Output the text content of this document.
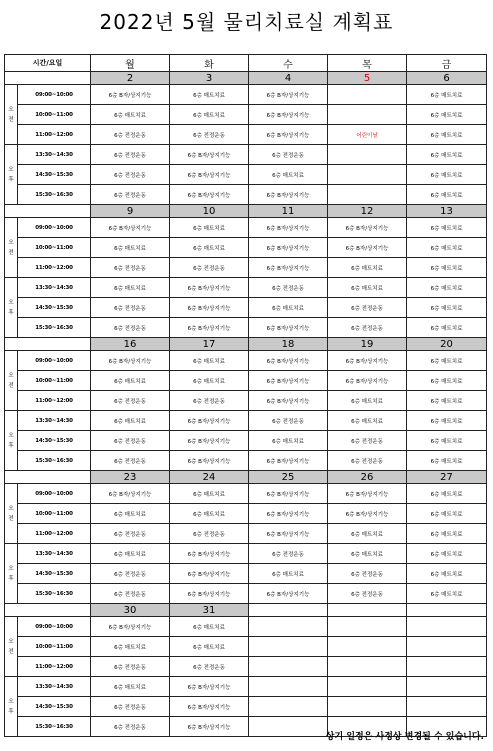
2022년 5월 물리치료실 계획표
시간/요일		월	화	수	목	금
		2	3	4	5	6
오
전	09:00~10:00	6층 B자/상지기능	6층 매트치료	6층 B자/상지기능		6층 매트치료
	10:00~11:00	6층 매트치료	6층 매트치료	6층 B자/상지기능		6층 매트치료
	11:00~12:00	6층 전정운동	6층 전정운동	6층 B자/상지기능	어린이날	6층 매트치료
오
후	13:30~14:30	6층 전정운동	6층 B자/상지기능	6층 전정운동		6층 매트치료
	14:30~15:30	6층 전정운동	6층 B자/상지기능	6층 매트치료		6층 매트치료
	15:30~16:30	6층 전정운동	6층 B자/상지기능	6층 B자/상지기능		6층 매트치료
		9	10	11	12	13
오
전	09:00~10:00	6층 B자/상지기능	6층 매트치료	6층 B자/상지기능	6층 B자/상지기능	6층 매트치료
	10:00~11:00	6층 매트치료	6층 매트치료	6층 B자/상지기능	6층 B자/상지기능	6층 매트치료
	11:00~12:00	6층 전정운동	6층 전정운동	6층 B자/상지기능	6층 매트치료	6층 매트치료
오
후	13:30~14:30	6층 매트치료	6층 B자/상지기능	6층 전정운동	6층 매트치료	6층 매트치료
	14:30~15:30	6층 전정운동	6층 B자/상지기능	6층 매트치료	6층 전정운동	6층 매트치료
	15:30~16:30	6층 전정운동	6층 B자/상지기능	6층 B자/상지기능	6층 전정운동	6층 매트치료
		16	17	18	19	20
오
전	09:00~10:00	6층 B자/상지기능	6층 매트치료	6층 B자/상지기능	6층 B자/상지기능	6층 매트치료
	10:00~11:00	6층 매트치료	6층 매트치료	6층 B자/상지기능	6층 B자/상지기능	6층 매트치료
	11:00~12:00	6층 전정운동	6층 전정운동	6층 B자/상지기능	6층 매트치료	6층 매트치료
오
후	13:30~14:30	6층 매트치료	6층 B자/상지기능	6층 전정운동	6층 매트치료	6층 매트치료
	14:30~15:30	6층 전정운동	6층 B자/상지기능	6층 매트치료	6층 전정운동	6층 매트치료
	15:30~16:30	6층 전정운동	6층 B자/상지기능	6층 B자/상지기능	6층 전정운동	6층 매트치료
		23	24	25	26	27
오
전	09:00~10:00	6층 B자/상지기능	6층 매트치료	6층 B자/상지기능	6층 B자/상지기능	6층 매트치료
	10:00~11:00	6층 매트치료	6층 매트치료	6층 B자/상지기능	6층 B자/상지기능	6층 매트치료
	11:00~12:00	6층 전정운동	6층 전정운동	6층 B자/상지기능	6층 매트치료	6층 매트치료
오
후	13:30~14:30	6층 매트치료	6층 B자/상지기능	6층 전정운동	6층 매트치료	6층 매트치료
	14:30~15:30	6층 전정운동	6층 B자/상지기능	6층 매트치료	6층 전정운동	6층 매트치료
	15:30~16:30	6층 전정운동	6층 B자/상지기능	6층 B자/상지기능	6층 전정운동	6층 매트치료
		30	31			
오
전	09:00~10:00	6층 B자/상지기능	6층 매트치료			
	10:00~11:00	6층 매트치료	6층 매트치료			
	11:00~12:00	6층 전정운동	6층 전정운동			
오
후	13:30~14:30	6층 매트치료	6층 B자/상지기능			
	14:30~15:30	6층 전정운동	6층 B자/상지기능			
	15:30~16:30	6층 전정운동	6층 B자/상지기능			
상기 일정은 사정상 변경될 수 있습니다.
